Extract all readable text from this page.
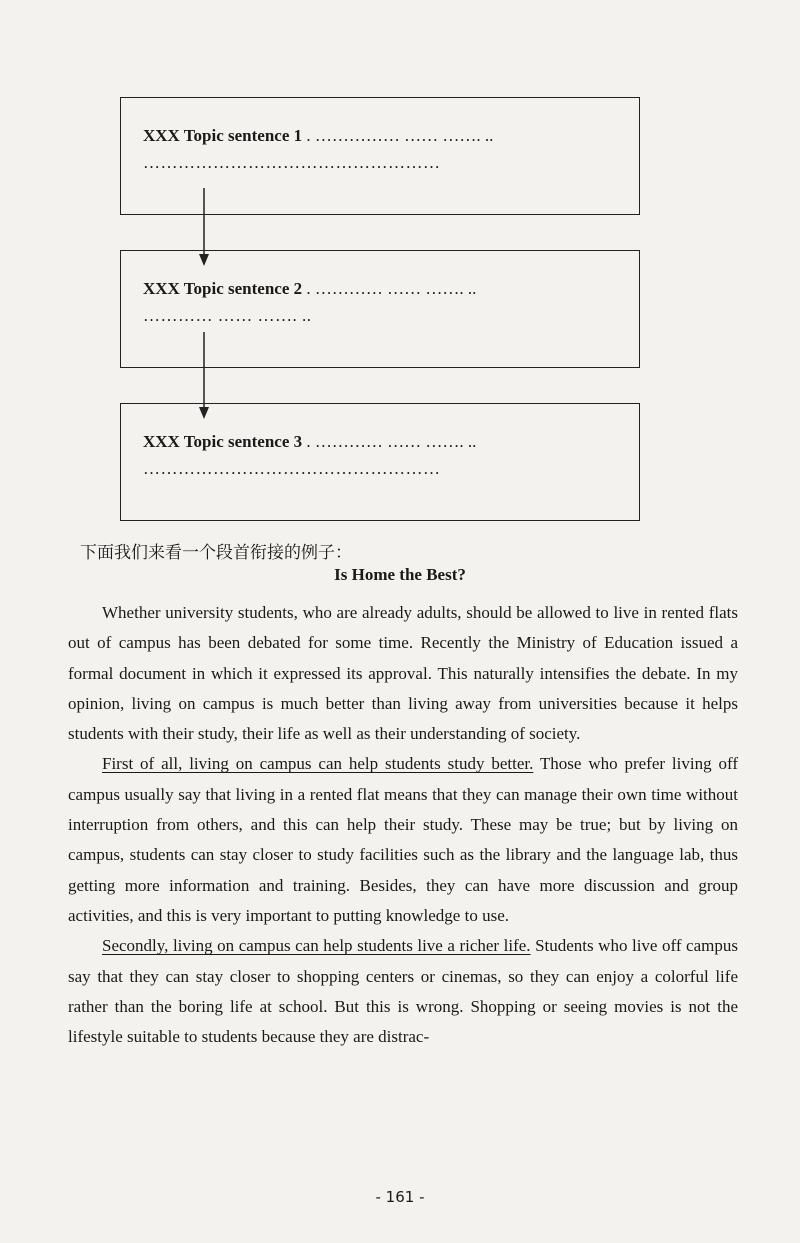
XXX Topic sentence 1 . …………… …… ……. ..
……………………………………………
XXX Topic sentence 2 . ………… …… ……. ..
………… …… ……. ..
XXX Topic sentence 3 . ………… …… ……. ..
……………………………………………
下面我们来看一个段首衔接的例子：
Is Home the Best?

Whether university students, who are already adults, should be allowed to live in rented flats out of campus has been debated for some time. Recently the Ministry of Education issued a formal document in which it expressed its approval. This naturally intensifies the debate. In my opinion, living on campus is much better than living away from universities because it helps students with their study, their life as well as their understanding of society.

First of all, living on campus can help students study better. Those who prefer living off campus usually say that living in a rented flat means that they can manage their own time without interruption from others, and this can help their study. These may be true; but by living on campus, students can stay closer to study facilities such as the library and the language lab, thus getting more information and training. Besides, they can have more discussion and group activities, and this is very important to putting knowledge to use.

Secondly, living on campus can help students live a richer life. Students who live off campus say that they can stay closer to shopping centers or cinemas, so they can enjoy a colorful life rather than the boring life at school. But this is wrong. Shopping or seeing movies is not the lifestyle suitable to students because they are distrac-

- 161 -
